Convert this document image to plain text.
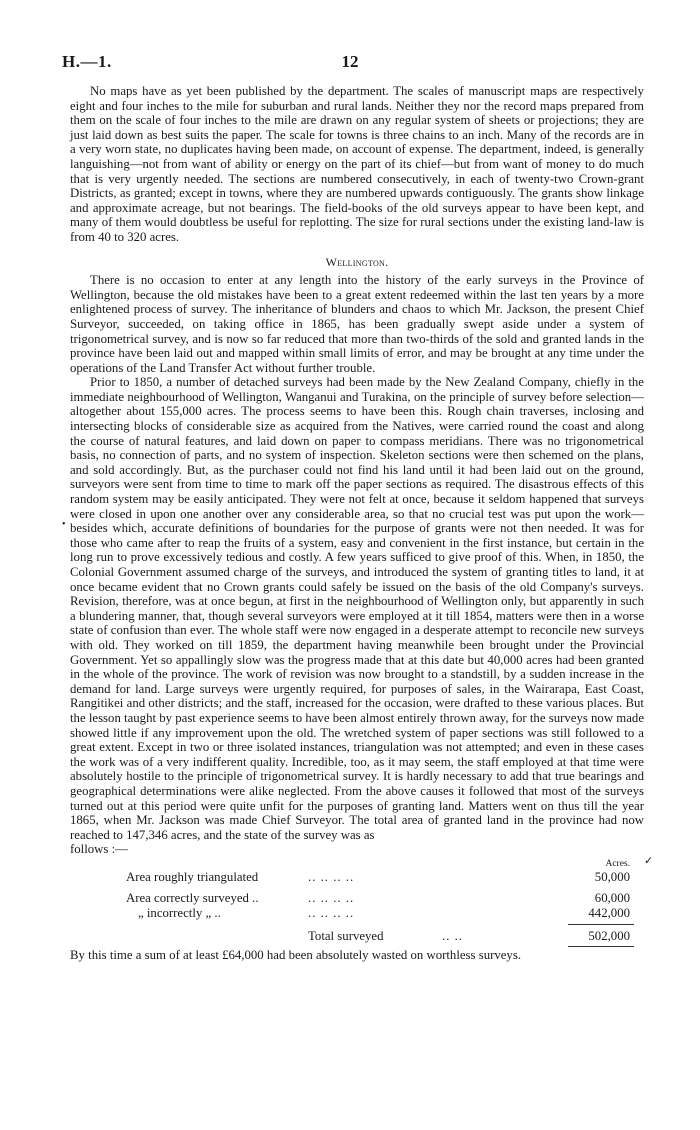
H.—1.	12
•
✓

No maps have as yet been published by the department. The scales of manuscript maps are respectively eight and four inches to the mile for suburban and rural lands. Neither they nor the record maps prepared from them on the scale of four inches to the mile are drawn on any regular system of sheets or projections; they are just laid down as best suits the paper. The scale for towns is three chains to an inch. Many of the records are in a very worn state, no duplicates having been made, on account of expense. The department, indeed, is generally languishing—not from want of ability or energy on the part of its chief—but from want of money to do much that is very urgently needed. The sections are numbered consecutively, in each of twenty-two Crown-grant Districts, as granted; except in towns, where they are numbered upwards contiguously. The grants show linkage and approximate acreage, but not bearings. The field-books of the old surveys appear to have been kept, and many of them would doubtless be useful for replotting. The size for rural sections under the existing land-law is from 40 to 320 acres.

Wellington.

There is no occasion to enter at any length into the history of the early surveys in the Province of Wellington, because the old mistakes have been to a great extent redeemed within the last ten years by a more enlightened process of survey. The inheritance of blunders and chaos to which Mr. Jackson, the present Chief Surveyor, succeeded, on taking office in 1865, has been gradually swept aside under a system of trigonometrical survey, and is now so far reduced that more than two-thirds of the sold and granted lands in the province have been laid out and mapped within small limits of error, and may be brought at any time under the operations of the Land Transfer Act without further trouble.

Prior to 1850, a number of detached surveys had been made by the New Zealand Company, chiefly in the immediate neighbourhood of Wellington, Wanganui and Turakina, on the principle of survey before selection—altogether about 155,000 acres. The process seems to have been this. Rough chain traverses, inclosing and intersecting blocks of considerable size as acquired from the Natives, were carried round the coast and along the course of natural features, and laid down on paper to compass meridians. There was no trigonometrical basis, no connection of parts, and no system of inspection. Skeleton sections were then schemed on the plans, and sold accordingly. But, as the purchaser could not find his land until it had been laid out on the ground, surveyors were sent from time to time to mark off the paper sections as required. The disastrous effects of this random system may be easily anticipated. They were not felt at once, because it seldom happened that surveys were closed in upon one another over any considerable area, so that no crucial test was put upon the work—besides which, accurate definitions of boundaries for the purpose of grants were not then needed. It was for those who came after to reap the fruits of a system, easy and convenient in the first instance, but certain in the long run to prove excessively tedious and costly. A few years sufficed to give proof of this. When, in 1850, the Colonial Government assumed charge of the surveys, and introduced the system of granting titles to land, it at once became evident that no Crown grants could safely be issued on the basis of the old Company's surveys. Revision, therefore, was at once begun, at first in the neighbourhood of Wellington only, but apparently in such a blundering manner, that, though several surveyors were employed at it till 1854, matters were then in a worse state of confusion than ever. The whole staff were now engaged in a desperate attempt to reconcile new surveys with old. They worked on till 1859, the department having meanwhile been brought under the Provincial Government. Yet so appallingly slow was the progress made that at this date but 40,000 acres had been granted in the whole of the province. The work of revision was now brought to a standstill, by a sudden increase in the demand for land. Large surveys were urgently required, for purposes of sales, in the Wairarapa, East Coast, Rangitikei and other districts; and the staff, increased for the occasion, were drafted to these various places. But the lesson taught by past experience seems to have been almost entirely thrown away, for the surveys now made showed little if any improvement upon the old. The wretched system of paper sections was still followed to a great extent. Except in two or three isolated instances, triangulation was not attempted; and even in these cases the work was of a very indifferent quality. Incredible, too, as it may seem, the staff employed at that time were absolutely hostile to the principle of trigonometrical survey. It is hardly necessary to add that true bearings and geographical determinations were alike neglected. From the above causes it followed that most of the surveys turned out at this period were quite unfit for the purposes of granting land. Matters went on thus till the year 1865, when Mr. Jackson was made Chief Surveyor. The total area of granted land in the province had now reached to 147,346 acres, and the state of the survey was as

follows :—
Acres.
Area roughly triangulated	.. .. .. ..	50,000
Area correctly surveyed ..	.. .. .. ..	60,000
„ incorrectly „ ..	.. .. .. ..	442,000
Total surveyed	.. ..	502,000

By this time a sum of at least £64,000 had been absolutely wasted on worthless surveys.
